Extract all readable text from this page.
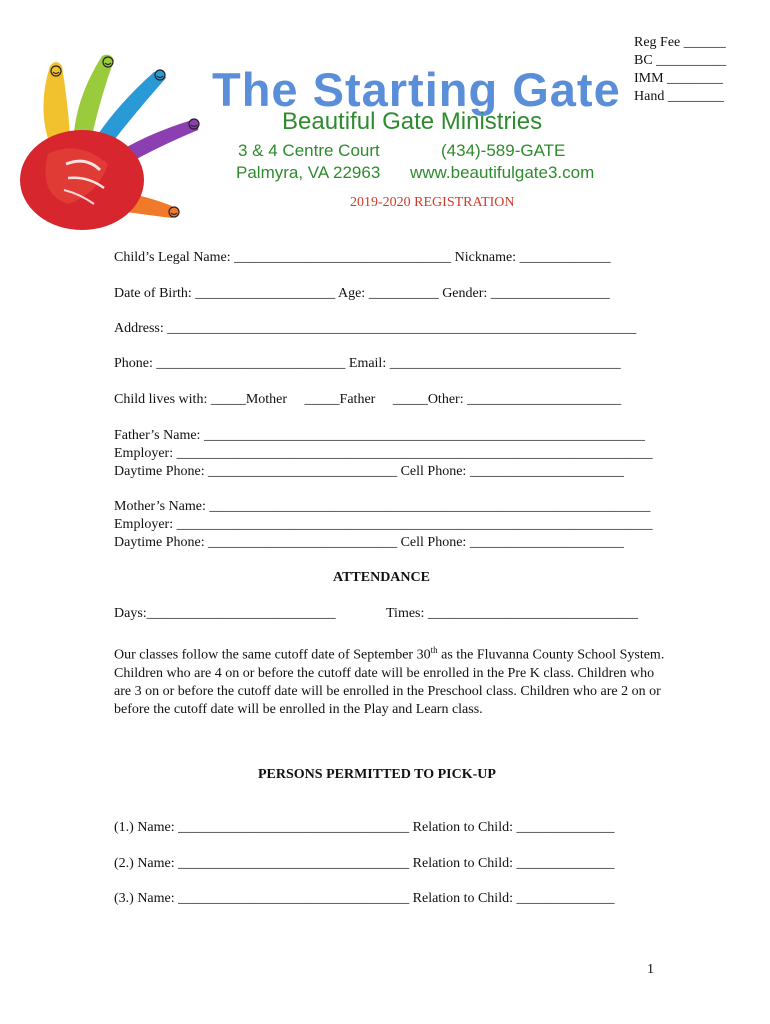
Reg Fee ______
BC __________
IMM ________
Hand ________
The Starting Gate
Beautiful Gate Ministries
3 & 4 Centre Court
Palmyra, VA 22963
(434)-589-GATE
www.beautifulgate3.com
2019-2020 REGISTRATION
Child’s Legal Name: _______________________________ Nickname: _____________
Date of Birth: ____________________ Age: __________ Gender: _________________
Address: ___________________________________________________________________
Phone: ___________________________ Email: _________________________________
Child lives with: _____Mother     _____Father     _____Other: ______________________
Father’s Name: _______________________________________________________________
Employer: ____________________________________________________________________
Daytime Phone: ___________________________ Cell Phone: ______________________
Mother’s Name: _______________________________________________________________
Employer: ____________________________________________________________________
Daytime Phone: ___________________________ Cell Phone: ______________________
ATTENDANCE
Days:___________________________	Times: ______________________________
Our classes follow the same cutoff date of September 30th as the Fluvanna County School System. Children who are 4 on or before the cutoff date will be enrolled in the Pre K class. Children who are 3 on or before the cutoff date will be enrolled in the Preschool class. Children who are 2 on or before the cutoff date will be enrolled in the Play and Learn class.
PERSONS PERMITTED TO PICK-UP
(1.) Name: _________________________________ Relation to Child: ______________
(2.) Name: _________________________________ Relation to Child: ______________
(3.) Name: _________________________________ Relation to Child: ______________
1
